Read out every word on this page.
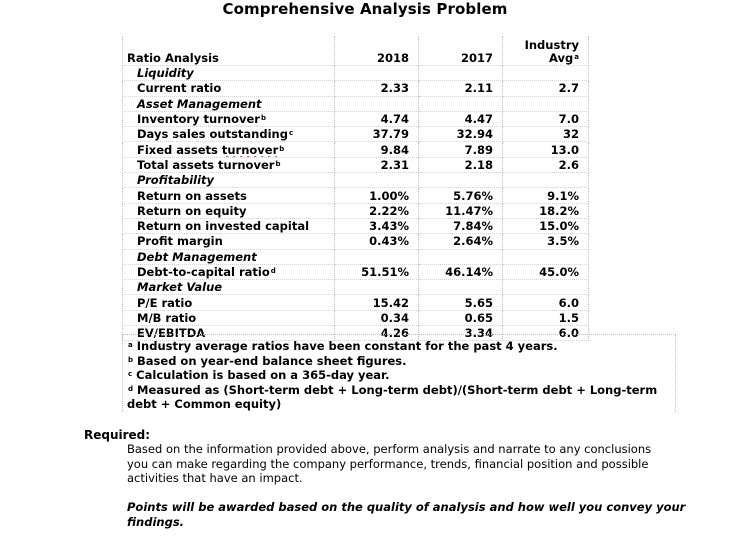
Comprehensive Analysis Problem
Ratio Analysis	2018	2017	Industry
Avg$^a$
Liquidity			
Current ratio	2.33	2.11	2.7
Asset Management			
Inventory turnover$^b$	4.74	4.47	7.0
Days sales outstanding$^c$	37.79	32.94	32
Fixed assets turnover$^b$	9.84	7.89	13.0
Total assets turnover$^b$	2.31	2.18	2.6
Profitability			
Return on assets	1.00%	5.76%	9.1%
Return on equity	2.22%	11.47%	18.2%
Return on invested capital	3.43%	7.84%	15.0%
Profit margin	0.43%	2.64%	3.5%
Debt Management			
Debt-to-capital ratio$^d$	51.51%	46.14%	45.0%
Market Value			
P/E ratio	15.42	5.65	6.0
M/B ratio	0.34	0.65	1.5
EV/EBITDA	4.26	3.34	6.0
$^a$ Industry average ratios have been constant for the past 4 years.
$^b$ Based on year-end balance sheet figures.
$^c$ Calculation is based on a 365-day year.
$^d$ Measured as (Short-term debt + Long-term debt)/(Short-term debt + Long-term debt + Common equity)
Required:
Based on the information provided above, perform analysis and narrate to any conclusions you can make regarding the company performance, trends, financial position and possible activities that have an impact.
Points will be awarded based on the quality of analysis and how well you convey your findings.
